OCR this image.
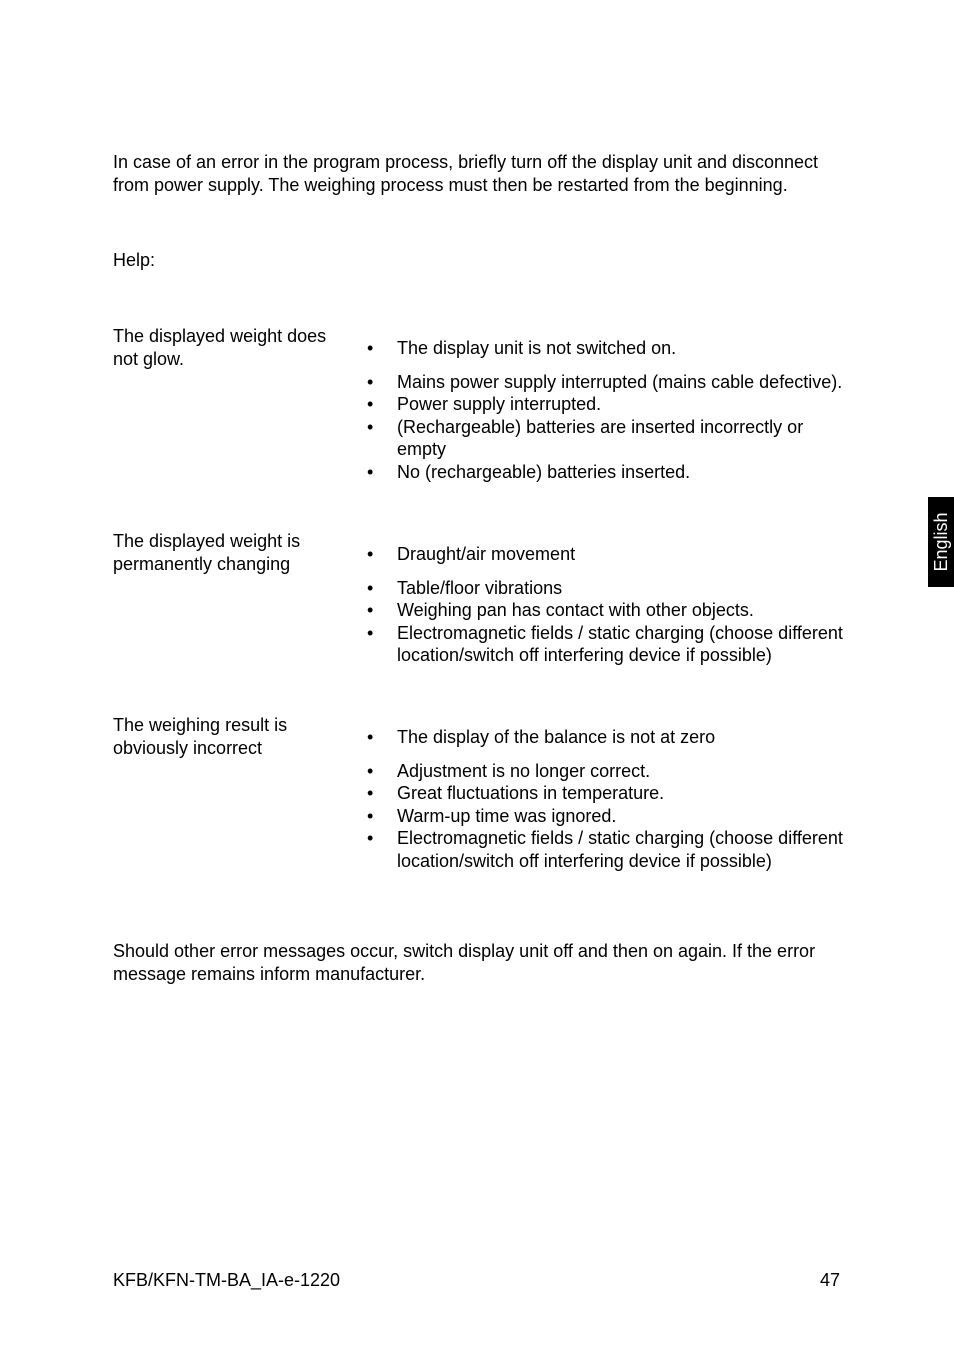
In case of an error in the program process, briefly turn off the display unit and disconnect from power supply. The weighing process must then be restarted from the beginning.

Help:

The displayed weight does not glow.

• The display unit is not switched on.
• Mains power supply interrupted (mains cable defective).
• Power supply interrupted.
• (Rechargeable) batteries are inserted incorrectly or empty
• No (rechargeable) batteries inserted.

The displayed weight is permanently changing

•	Draught/air movement
• Table/floor vibrations
• Weighing pan has contact with other objects.
• Electromagnetic fields / static charging (choose different location/switch off interfering device if possible)

The weighing result is obviously incorrect

• The display of the balance is not at zero
• Adjustment is no longer correct.
• Great fluctuations in temperature.
• Warm-up time was ignored.
• Electromagnetic fields / static charging (choose different location/switch off interfering device if possible)

Should other error messages occur, switch display unit off and then on again. If the error message remains inform manufacturer.

English

KFB/KFN-TM-BA_IA-e-1220	47
